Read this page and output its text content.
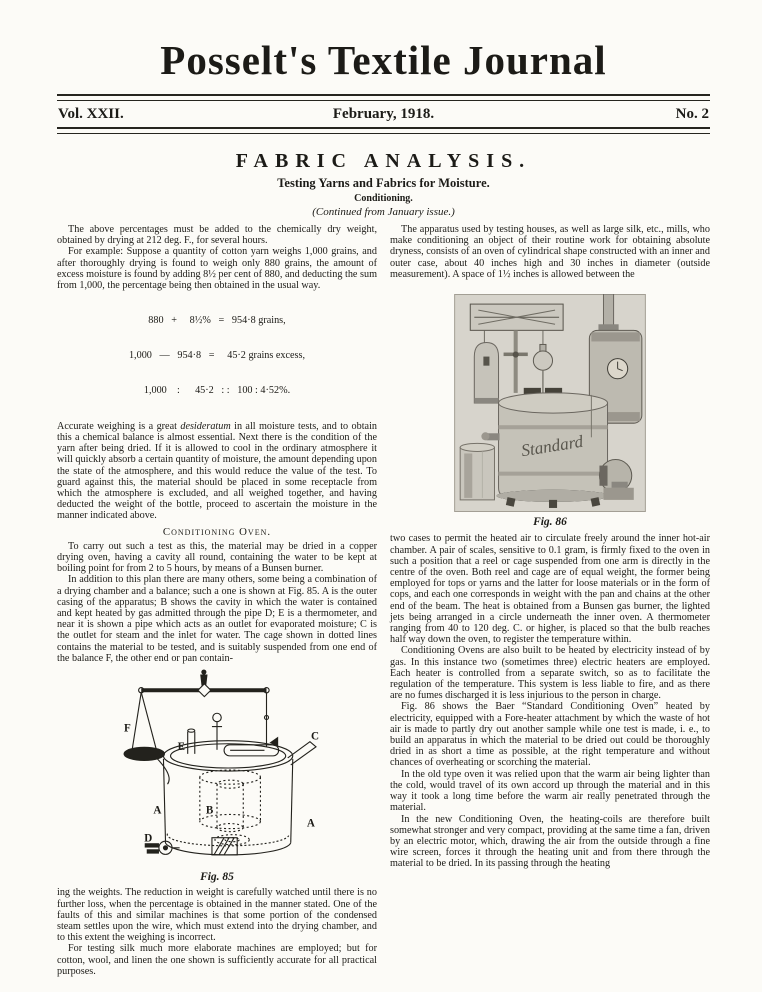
Posselt's Textile Journal
Vol. XXII.	February, 1918.	No. 2
FABRIC ANALYSIS.
Testing Yarns and Fabrics for Moisture.
Conditioning.
(Continued from January issue.)

The above percentages must be added to the chemically dry weight, obtained by drying at 212 deg. F., for several hours.

For example: Suppose a quantity of cotton yarn weighs 1,000 grains, and after thoroughly drying is found to weigh only 880 grains, the amount of excess moisture is found by adding 8½ per cent of 880, and deducting the sum from 1,000, the percentage being then obtained in the usual way.

880   +     8½%   =   954·8 grains,

1,000   —   954·8   =     45·2 grains excess,

1,000    :      45·2   : :   100 : 4·52%.

Accurate weighing is a great desideratum in all moisture tests, and to obtain this a chemical balance is almost essential. Next there is the condition of the yarn after being dried. If it is allowed to cool in the ordinary atmosphere it will quickly absorb a certain quantity of moisture, the amount depending upon the state of the atmosphere, and this would reduce the value of the test. To guard against this, the material should be placed in some receptacle from which the atmosphere is excluded, and all weighed together, and having deducted the weight of the bottle, proceed to ascertain the moisture in the manner indicated above.

Conditioning Oven.

To carry out such a test as this, the material may be dried in a copper drying oven, having a cavity all round, containing the water to be kept at boiling point for from 2 to 5 hours, by means of a Bunsen burner.

In addition to this plan there are many others, some being a combination of a drying chamber and a balance; such a one is shown at Fig. 85. A is the outer casing of the apparatus; B shows the cavity in which the water is contained and kept heated by gas admitted through the pipe D; E is a thermometer, and near it is shown a pipe which acts as an outlet for evaporated moisture; C is the outlet for steam and the inlet for water. The cage shown in dotted lines contains the material to be tested, and is suitably suspended from one end of the balance F, the other end or pan contain-

F
E
C
A	B
A
D
Fig. 85

ing the weights. The reduction in weight is carefully watched until there is no further loss, when the percentage is obtained in the manner stated. One of the faults of this and similar machines is that some portion of the condensed steam settles upon the wire, which must extend into the drying chamber, and to this extent the weighing is incorrect.

For testing silk much more elaborate machines are employed; but for cotton, wool, and linen the one shown is sufficiently accurate for all practical purposes.

The apparatus used by testing houses, as well as large silk, etc., mills, who make conditioning an object of their routine work for obtaining absolute dryness, consists of an oven of cylindrical shape constructed with an inner and outer case, about 40 inches high and 30 inches in diameter (outside measurement). A space of 1½ inches is allowed between the

Standard
Fig. 86

two cases to permit the heated air to circulate freely around the inner hot-air chamber. A pair of scales, sensitive to 0.1 gram, is firmly fixed to the oven in such a position that a reel or cage suspended from one arm is directly in the centre of the oven. Both reel and cage are of equal weight, the former being employed for tops or yarns and the latter for loose materials or in the form of cops, and each one corresponds in weight with the pan and chains at the other end of the beam. The heat is obtained from a Bunsen gas burner, the lighted jets being arranged in a circle underneath the inner oven. A thermometer ranging from 40 to 120 deg. C. or higher, is placed so that the bulb reaches half way down the oven, to register the temperature within.

Conditioning Ovens are also built to be heated by electricity instead of by gas. In this instance two (sometimes three) electric heaters are employed. Each heater is controlled from a separate switch, so as to facilitate the regulation of the temperature. This system is less liable to fire, and as there are no fumes discharged it is less injurious to the person in charge.

Fig. 86 shows the Baer “Standard Conditioning Oven” heated by electricity, equipped with a Fore-heater attachment by which the waste of hot air is made to partly dry out another sample while one test is made, i. e., to build an apparatus in which the material to be dried out could be thoroughly dried in as short a time as possible, at the right temperature and without chances of overheating or scorching the material.

In the old type oven it was relied upon that the warm air being lighter than the cold, would travel of its own accord up through the material and in this way it took a long time before the warm air really penetrated through the material.

In the new Conditioning Oven, the heating-coils are therefore built somewhat stronger and very compact, providing at the same time a fan, driven by an electric motor, which, drawing the air from the outside through a fine wire screen, forces it through the heating unit and from there through the material to be dried. In its passing through the heating
